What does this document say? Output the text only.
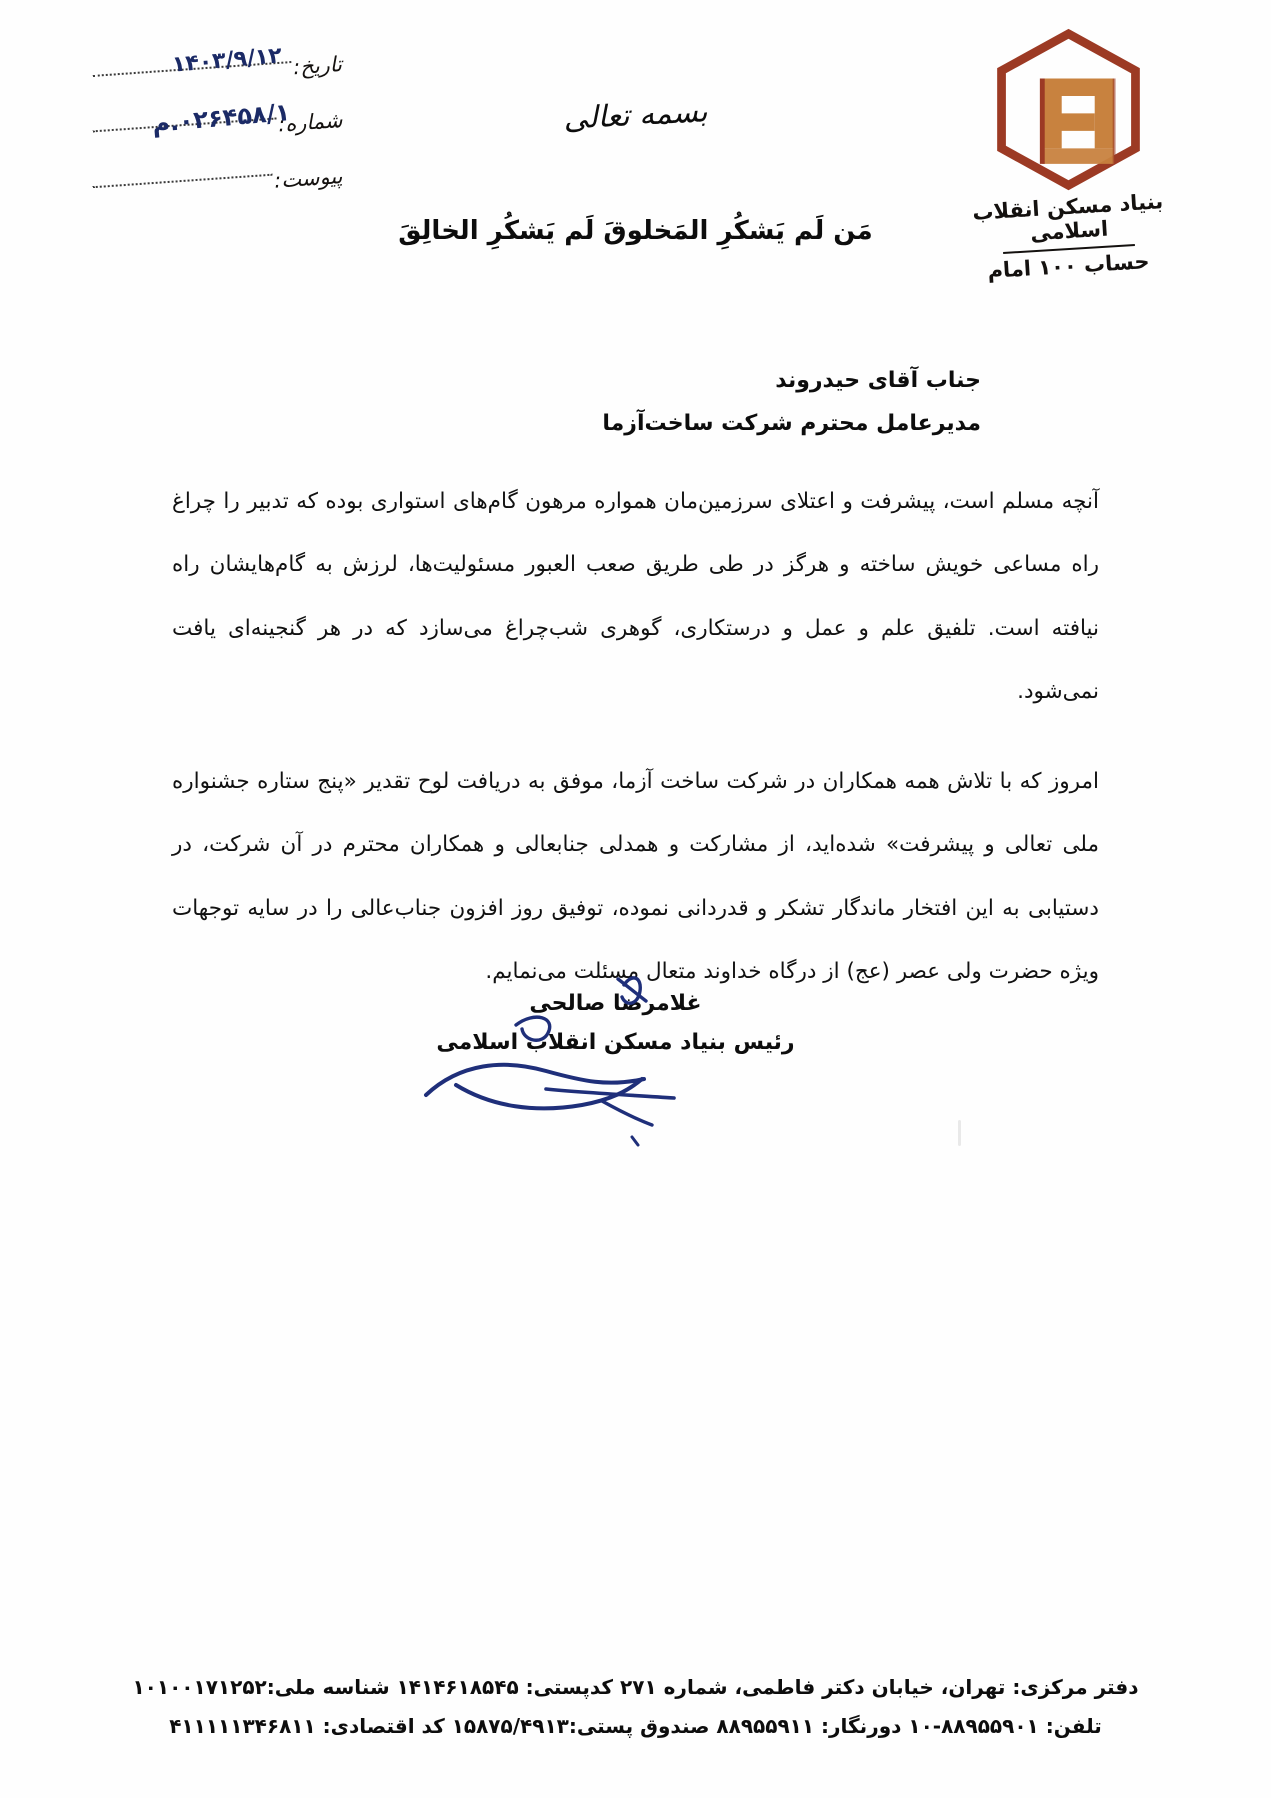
بنیاد مسکن انقلاب اسلامی
حساب ۱۰۰ امام
تاریخ:
۱۴۰۳/۹/۱۲
شماره:
۰۲۶۴۵۸/۱.م
پیوست:
بسمه تعالی
مَن لَم یَشکُرِ المَخلوقَ لَم یَشکُرِ الخالِقَ
جناب آقای حیدروند
مدیرعامل محترم شرکت ساخت‌آزما

آنچه مسلم است، پیشرفت و اعتلای سرزمین‌مان همواره مرهون گام‌های استواری بوده که تدبیر را چراغ راه مساعی خویش ساخته و هرگز در طی طریق صعب العبور مسئولیت‌ها، لرزش به گام‌هایشان راه نیافته است. تلفیق علم و عمل و درستکاری، گوهری شب‌چراغ می‌سازد که در هر گنجینه‌ای یافت نمی‌شود.

امروز که با تلاش همه همکاران در شرکت ساخت آزما، موفق به دریافت لوح تقدیر «پنج ستاره جشنواره ملی تعالی و پیشرفت» شده‌اید، از مشارکت و همدلی جنابعالی و همکاران محترم در آن شرکت، در دستیابی به این افتخار ماندگار تشکر و قدردانی نموده، توفیق روز افزون جناب‌عالی را در سایه توجهات ویژه حضرت ولی عصر (عج) از درگاه خداوند متعال مسئلت می‌نمایم.

غلامرضا صالحی
رئیس بنیاد مسکن انقلاب اسلامی
دفتر مرکزی: تهران، خیابان دکتر فاطمی، شماره ۲۷۱ کدپستی: ۱۴۱۴۶۱۸۵۴۵ شناسه ملی:۱۰۱۰۰۱۷۱۲۵۲
تلفن: ۸۸۹۵۵۹۰۱-۱۰ دورنگار: ۸۸۹۵۵۹۱۱ صندوق پستی:۱۵۸۷۵/۴۹۱۳ کد اقتصادی: ۴۱۱۱۱۱۳۴۶۸۱۱
